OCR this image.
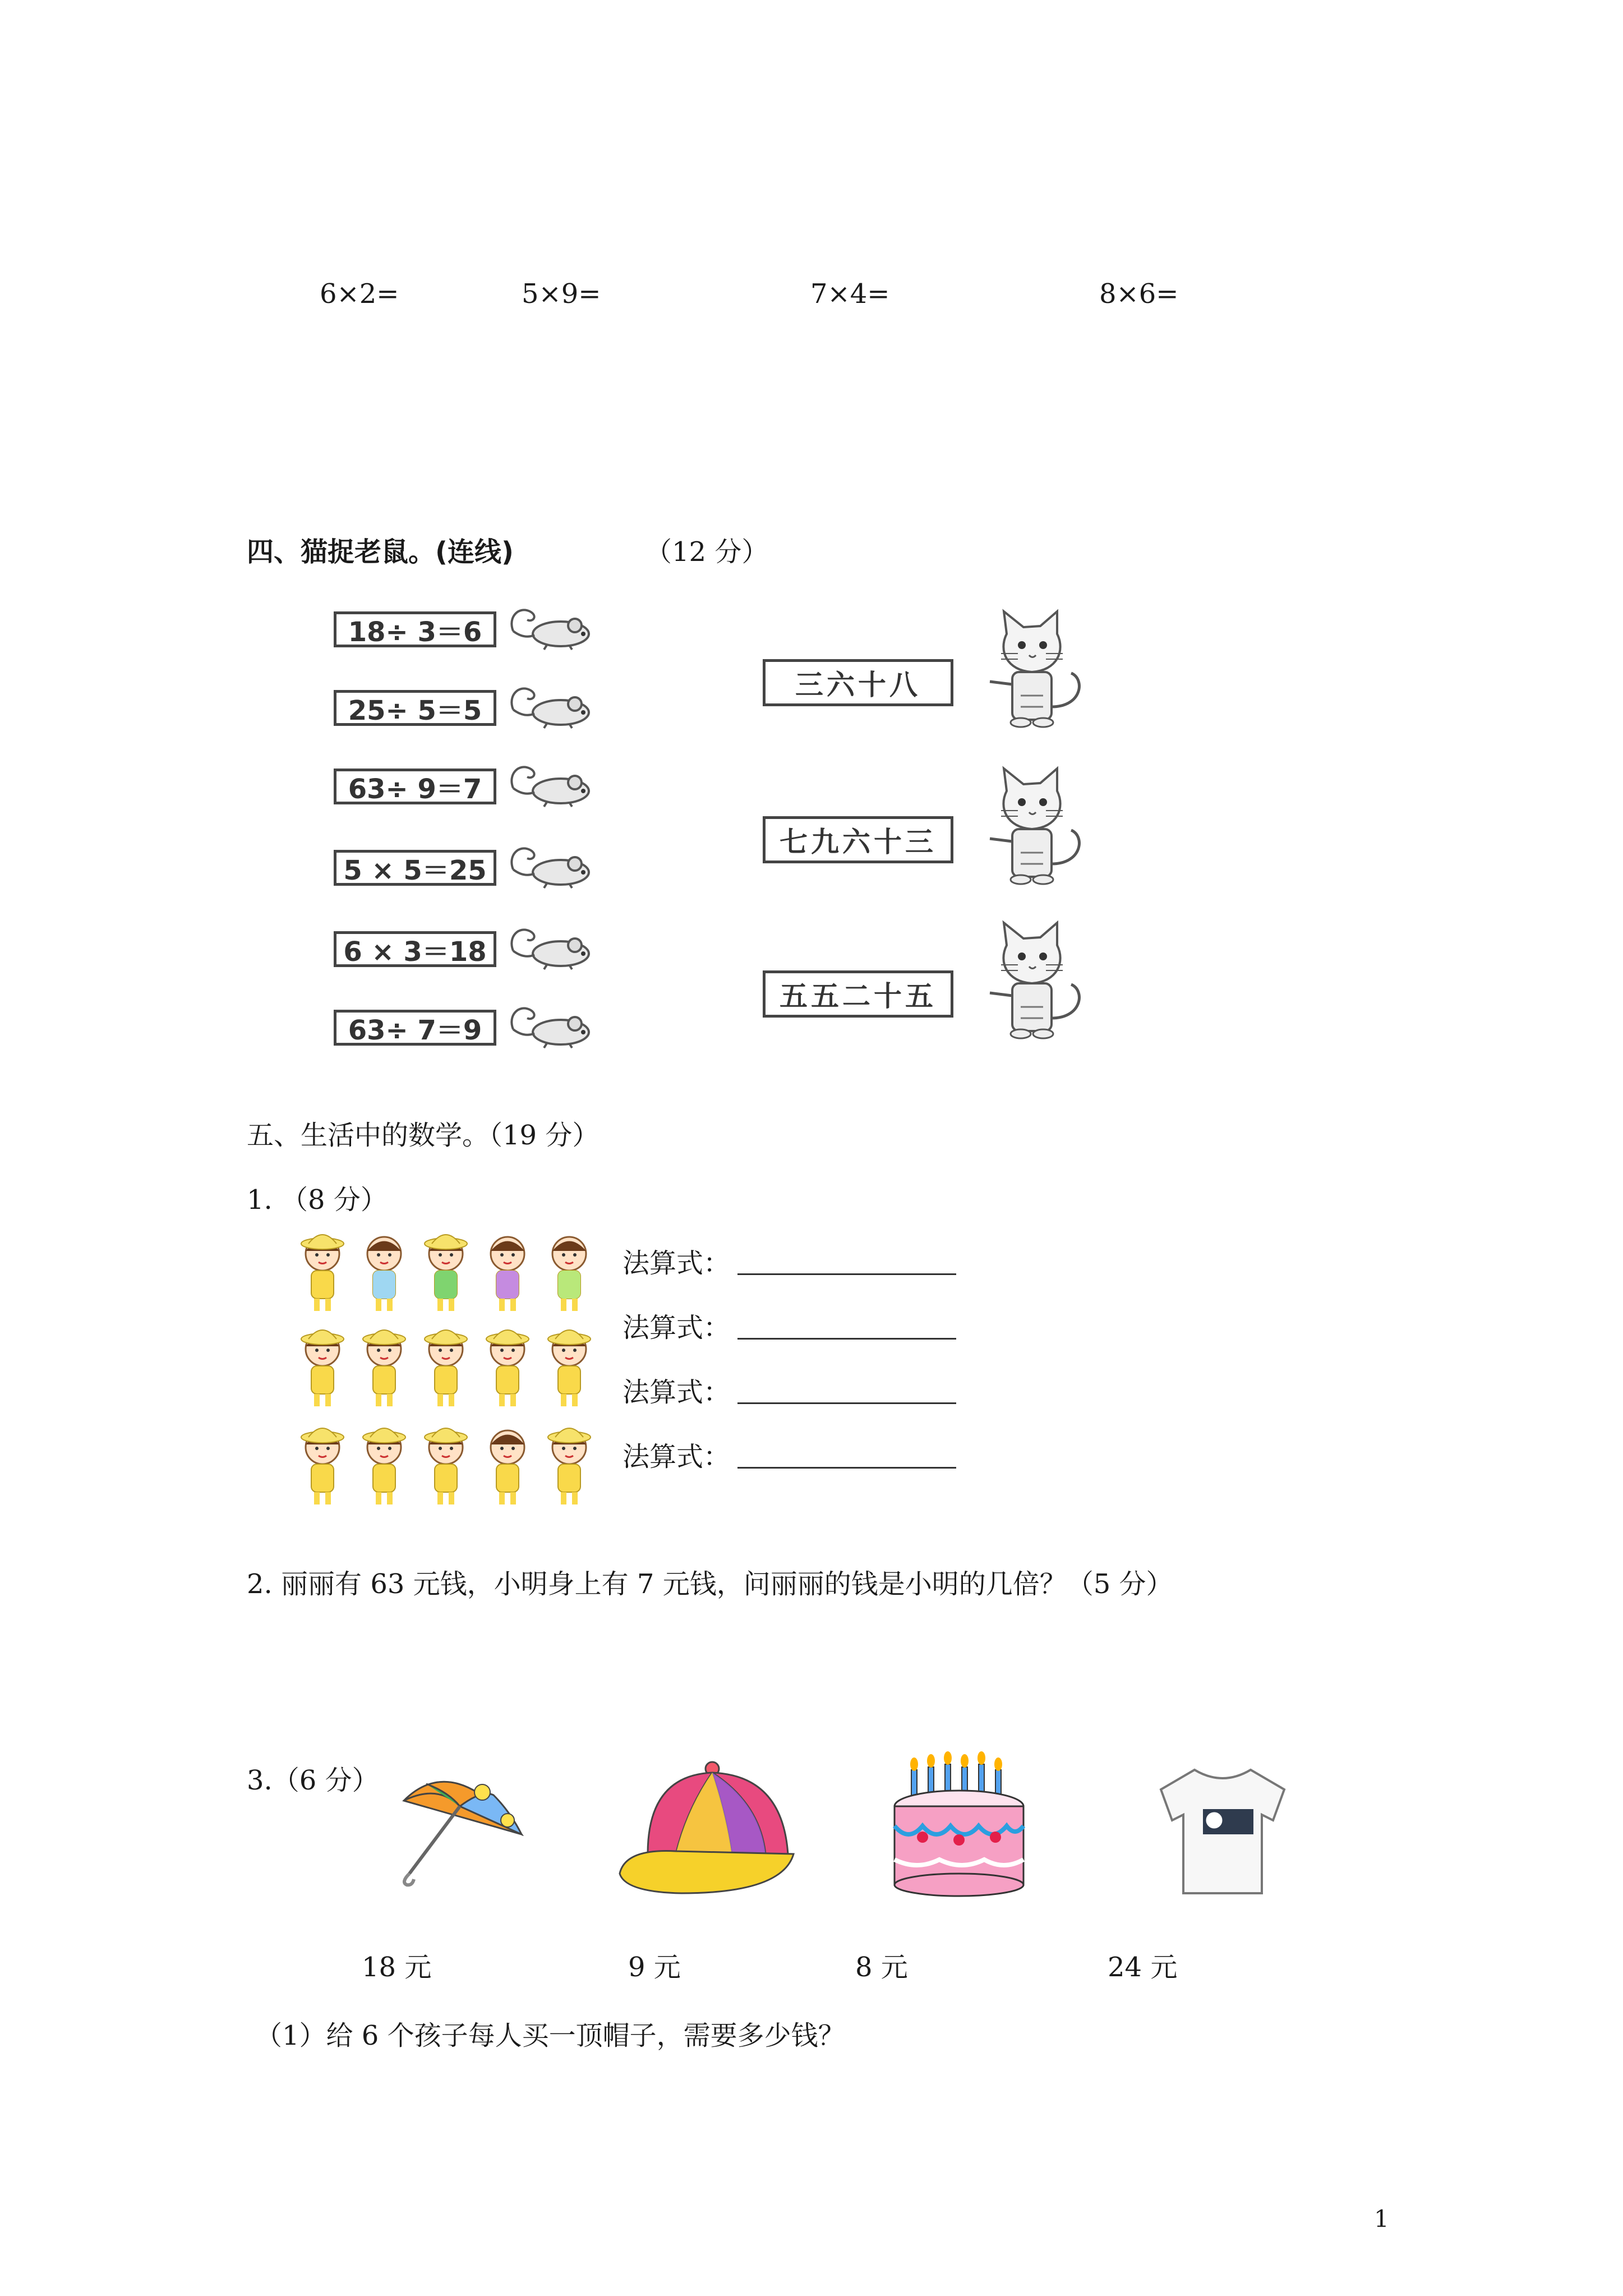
6×2=	5×9=	7×4=	8×6=
四、猫捉老鼠。(连线)	（12 分）
18÷ 3＝6
25÷ 5＝5
63÷ 9＝7
5 × 5＝25
6 × 3＝18
63÷ 7＝9
三六十八
七九六十三
五五二十五
五、生活中的数学。（19 分）
1. （8 分）
法算式：
法算式：
法算式：
法算式：
2. 丽丽有 63 元钱，小明身上有 7 元钱，问丽丽的钱是小明的几倍？（5 分）
3.（6 分）
18 元	9 元	8 元	24 元
（1）给 6 个孩子每人买一顶帽子，需要多少钱？
1
